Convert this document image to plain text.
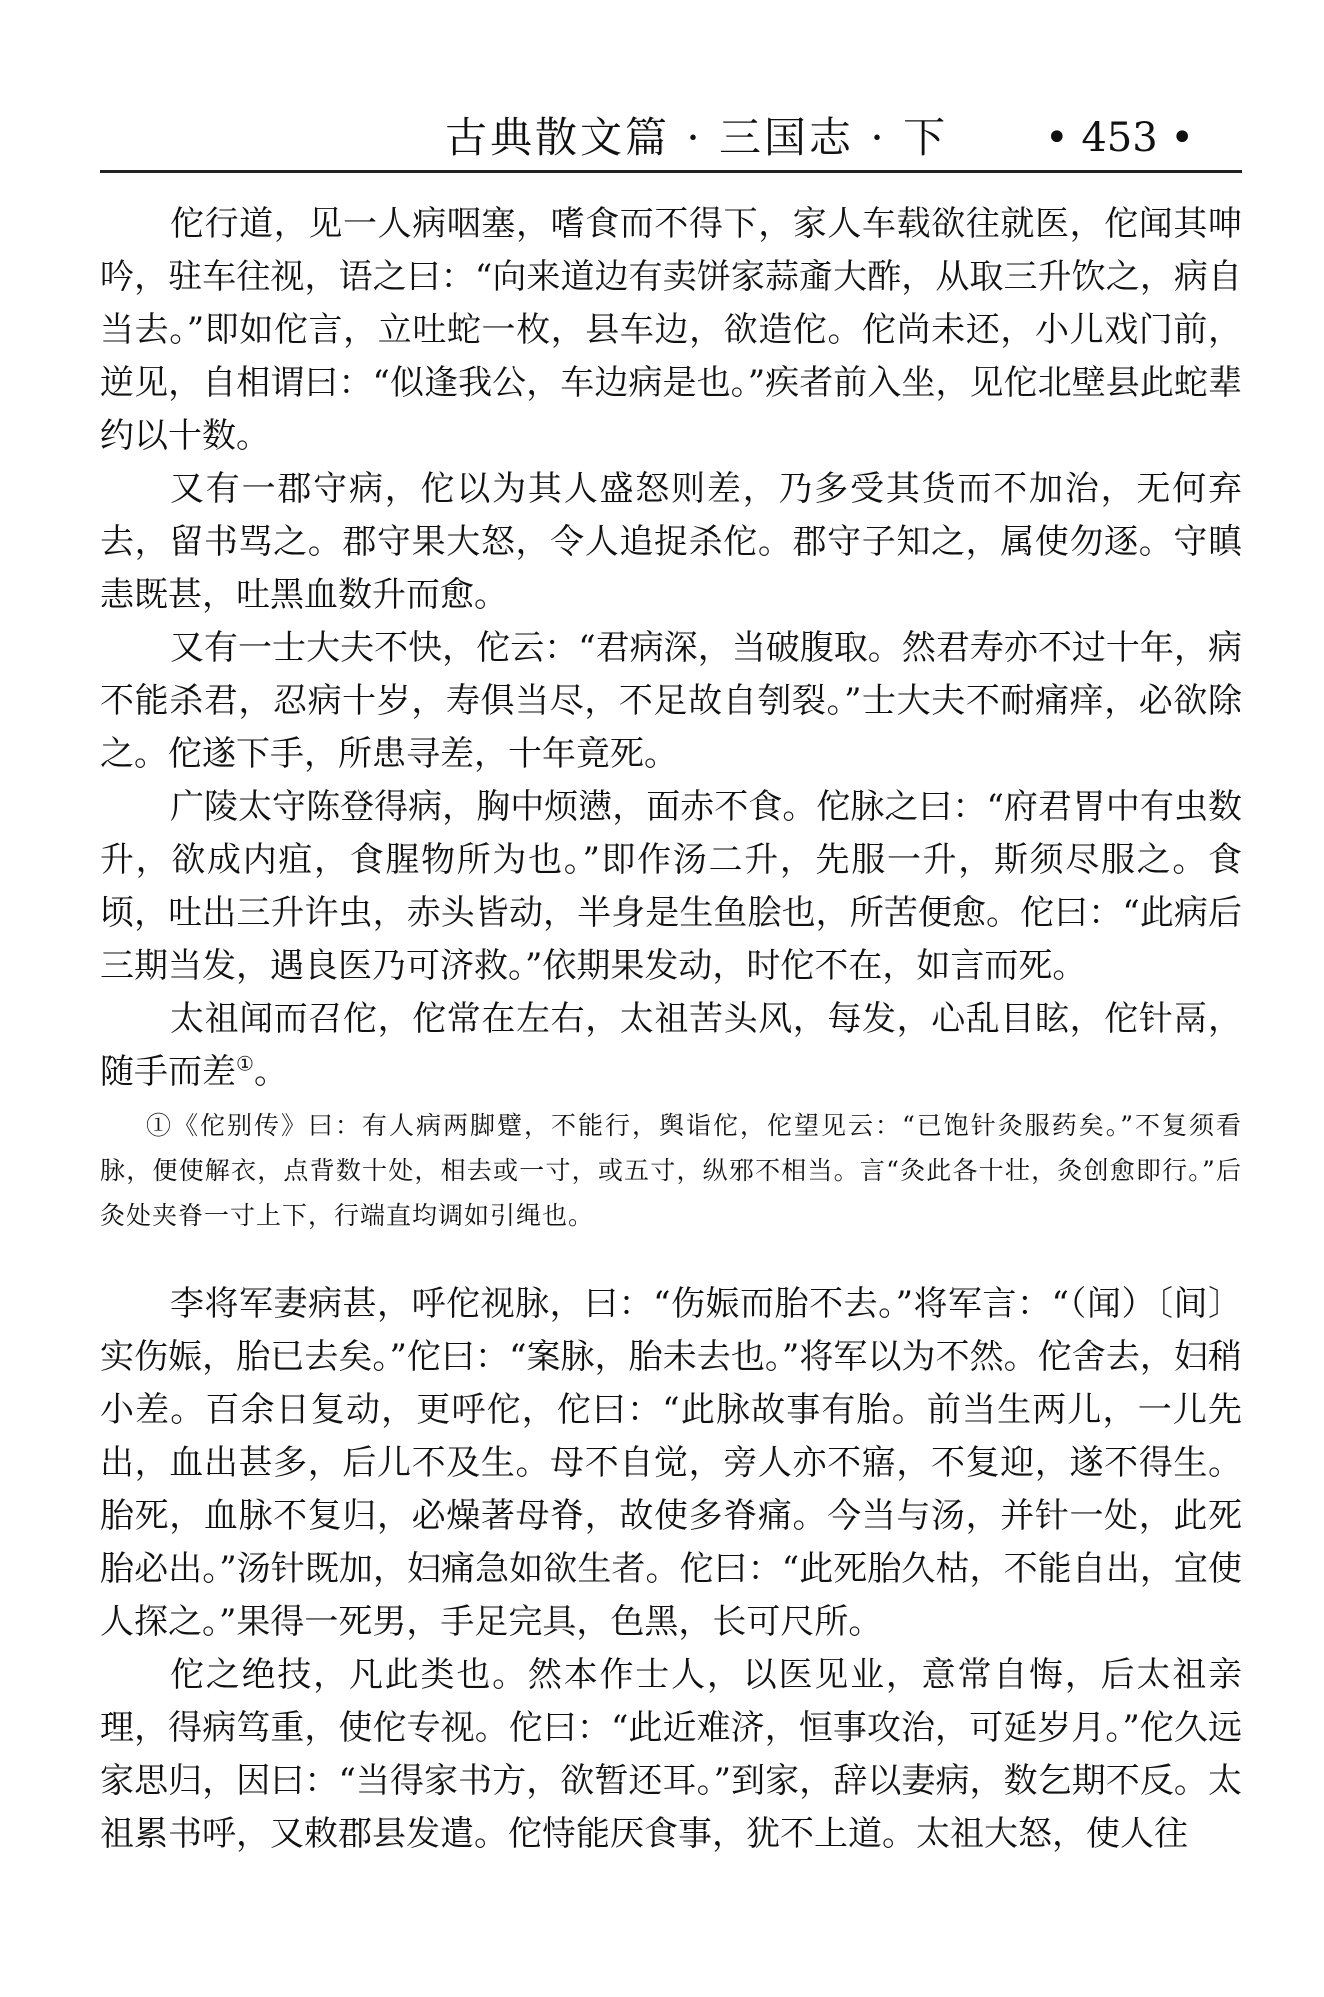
古典散文篇 · 三国志 · 下 • 453 •

佗行道，见一人病咽塞，嗜食而不得下，家人车载欲往就医，佗闻其呻吟，驻车往视，语之曰：“向来道边有卖饼家蒜齑大酢，从取三升饮之，病自当去。”即如佗言，立吐蛇一枚，县车边，欲造佗。佗尚未还，小儿戏门前，逆见，自相谓曰：“似逢我公，车边病是也。”疾者前入坐，见佗北壁县此蛇辈约以十数。

又有一郡守病，佗以为其人盛怒则差，乃多受其货而不加治，无何弃去，留书骂之。郡守果大怒，令人追捉杀佗。郡守子知之，属使勿逐。守瞋恚既甚，吐黑血数升而愈。

又有一士大夫不快，佗云：“君病深，当破腹取。然君寿亦不过十年，病不能杀君，忍病十岁，寿俱当尽，不足故自刳裂。”士大夫不耐痛痒，必欲除之。佗遂下手，所患寻差，十年竟死。

广陵太守陈登得病，胸中烦懑，面赤不食。佗脉之曰：“府君胃中有虫数升，欲成内疽，食腥物所为也。”即作汤二升，先服一升，斯须尽服之。食顷，吐出三升许虫，赤头皆动，半身是生鱼脍也，所苦便愈。佗曰：“此病后三期当发，遇良医乃可济救。”依期果发动，时佗不在，如言而死。

太祖闻而召佗，佗常在左右，太祖苦头风，每发，心乱目眩，佗针鬲，随手而差①。

①《佗别传》曰：有人病两脚躄，不能行，舆诣佗，佗望见云：“已饱针灸服药矣。”不复须看脉，便使解衣，点背数十处，相去或一寸，或五寸，纵邪不相当。言“灸此各十壮，灸创愈即行。”后灸处夹脊一寸上下，行端直均调如引绳也。

李将军妻病甚，呼佗视脉，曰：“伤娠而胎不去。”将军言：“（闻）〔间〕实伤娠，胎已去矣。”佗曰：“案脉，胎未去也。”将军以为不然。佗舍去，妇稍小差。百余日复动，更呼佗，佗曰：“此脉故事有胎。前当生两儿，一儿先出，血出甚多，后儿不及生。母不自觉，旁人亦不寤，不复迎，遂不得生。胎死，血脉不复归，必燥著母脊，故使多脊痛。今当与汤，并针一处，此死胎必出。”汤针既加，妇痛急如欲生者。佗曰：“此死胎久枯，不能自出，宜使人探之。”果得一死男，手足完具，色黑，长可尺所。

佗之绝技，凡此类也。然本作士人，以医见业，意常自悔，后太祖亲理，得病笃重，使佗专视。佗曰：“此近难济，恒事攻治，可延岁月。”佗久远家思归，因曰：“当得家书方，欲暂还耳。”到家，辞以妻病，数乞期不反。太祖累书呼，又敕郡县发遣。佗恃能厌食事，犹不上道。太祖大怒，使人往
